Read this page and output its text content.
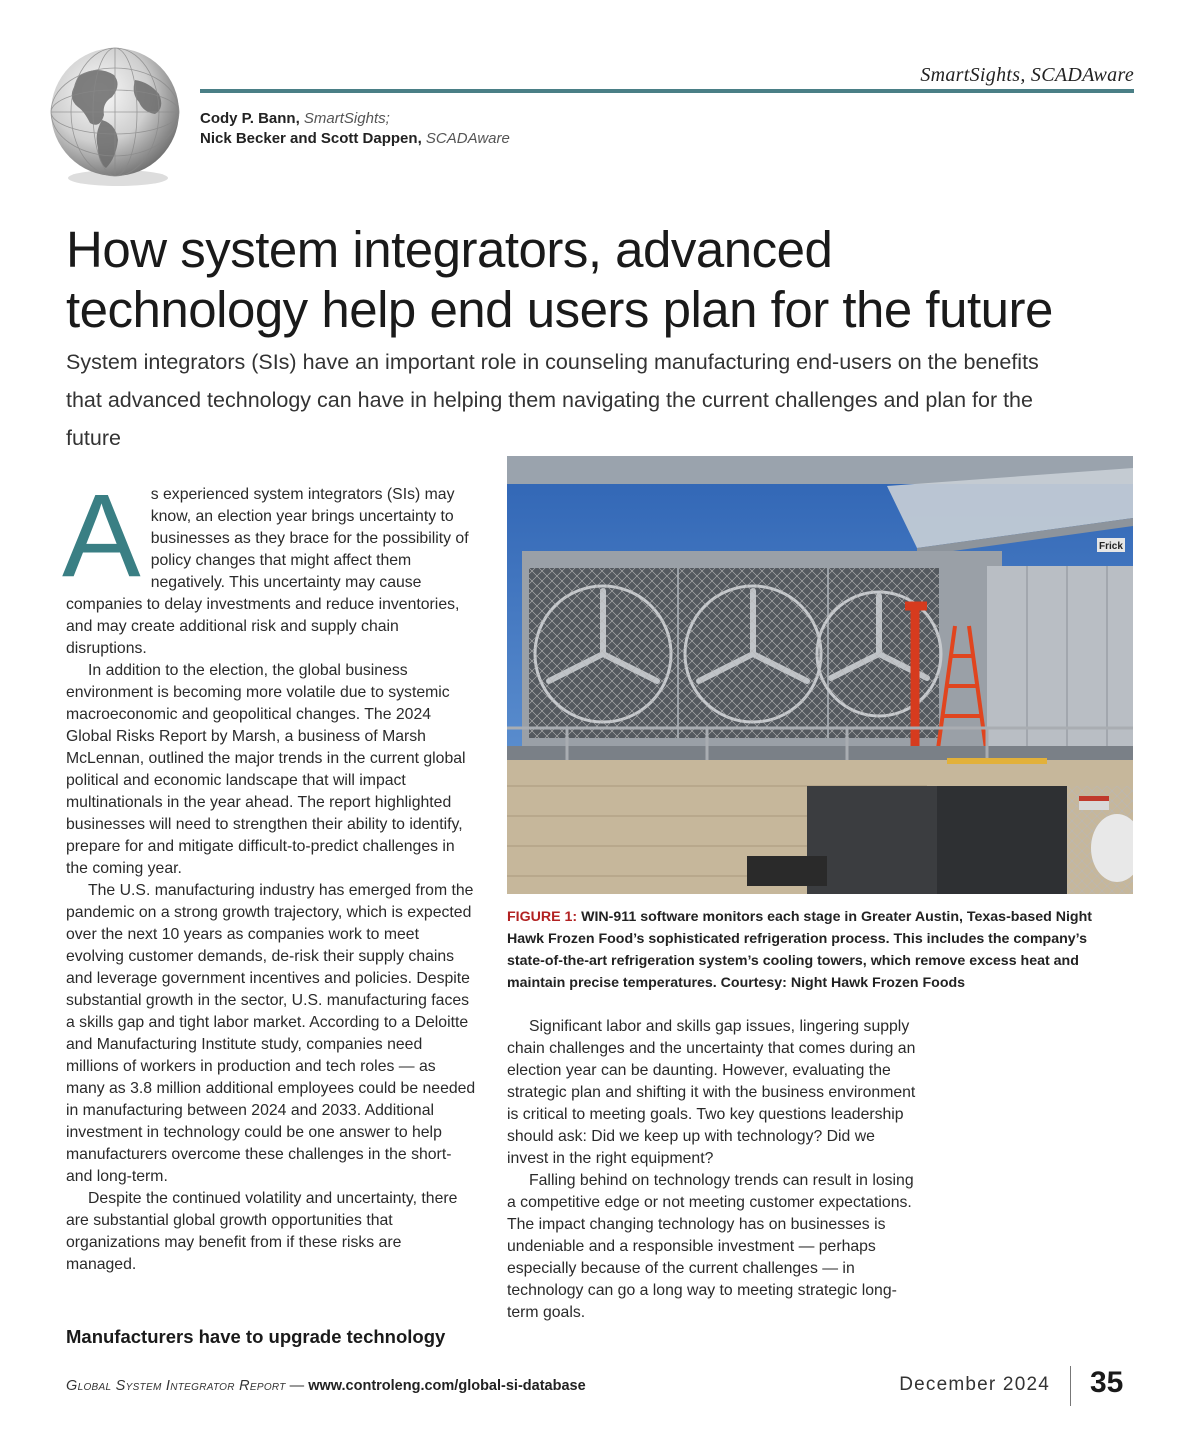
SmartSights, SCADAware
Cody P. Bann, SmartSights;
Nick Becker and Scott Dappen, SCADAware
How system integrators, advanced
technology help end users plan for the future

System integrators (SIs) have an important role in counseling manufacturing end-users on the benefits that advanced technology can have in helping them navigating the current challenges and plan for the future

A s experienced system integrators (SIs) may know, an election year brings uncertainty to businesses as they brace for the possibility of policy changes that might affect them negatively. This uncertainty may cause companies to delay investments and reduce inventories, and may create additional risk and supply chain disruptions.

In addition to the election, the global business environment is becoming more volatile due to systemic macroeconomic and geopolitical changes. The 2024 Global Risks Report by Marsh, a business of Marsh McLennan, outlined the major trends in the current global political and economic landscape that will impact multinationals in the year ahead. The report highlighted businesses will need to strengthen their ability to identify, prepare for and mitigate difficult-to-predict challenges in the coming year.

The U.S. manufacturing industry has emerged from the pandemic on a strong growth trajectory, which is expected over the next 10 years as companies work to meet evolving customer demands, de-risk their supply chains and leverage government incentives and policies. Despite substantial growth in the sector, U.S. manufacturing faces a skills gap and tight labor market. According to a Deloitte and Manufacturing Institute study, companies need millions of workers in production and tech roles — as many as 3.8 million additional employees could be needed in manufacturing between 2024 and 2033. Additional investment in technology could be one answer to help manufacturers overcome these challenges in the short- and long-term.

Despite the continued volatility and uncertainty, there are substantial global growth opportunities that organizations may benefit from if these risks are managed.

Manufacturers have to upgrade technology
Frick
FIGURE 1: WIN-911 software monitors each stage in Greater Austin, Texas-based Night Hawk Frozen Food’s sophisticated refrigeration process. This includes the company’s state-of-the-art refrigeration system’s cooling towers, which remove excess heat and maintain precise temperatures. Courtesy: Night Hawk Frozen Foods

Significant labor and skills gap issues, lingering supply chain challenges and the uncertainty that comes during an election year can be daunting. However, evaluating the strategic plan and shifting it with the business environment is critical to meeting goals. Two key questions leadership should ask: Did we keep up with technology? Did we invest in the right equipment?

Falling behind on technology trends can result in losing a competitive edge or not meeting customer expectations. The impact changing technology has on businesses is undeniable and a responsible investment — perhaps especially because of the current challenges — in technology can go a long way to meeting strategic long-term goals.

Global System Integrator Report — www.controleng.com/global-si-database	December 2024 35
